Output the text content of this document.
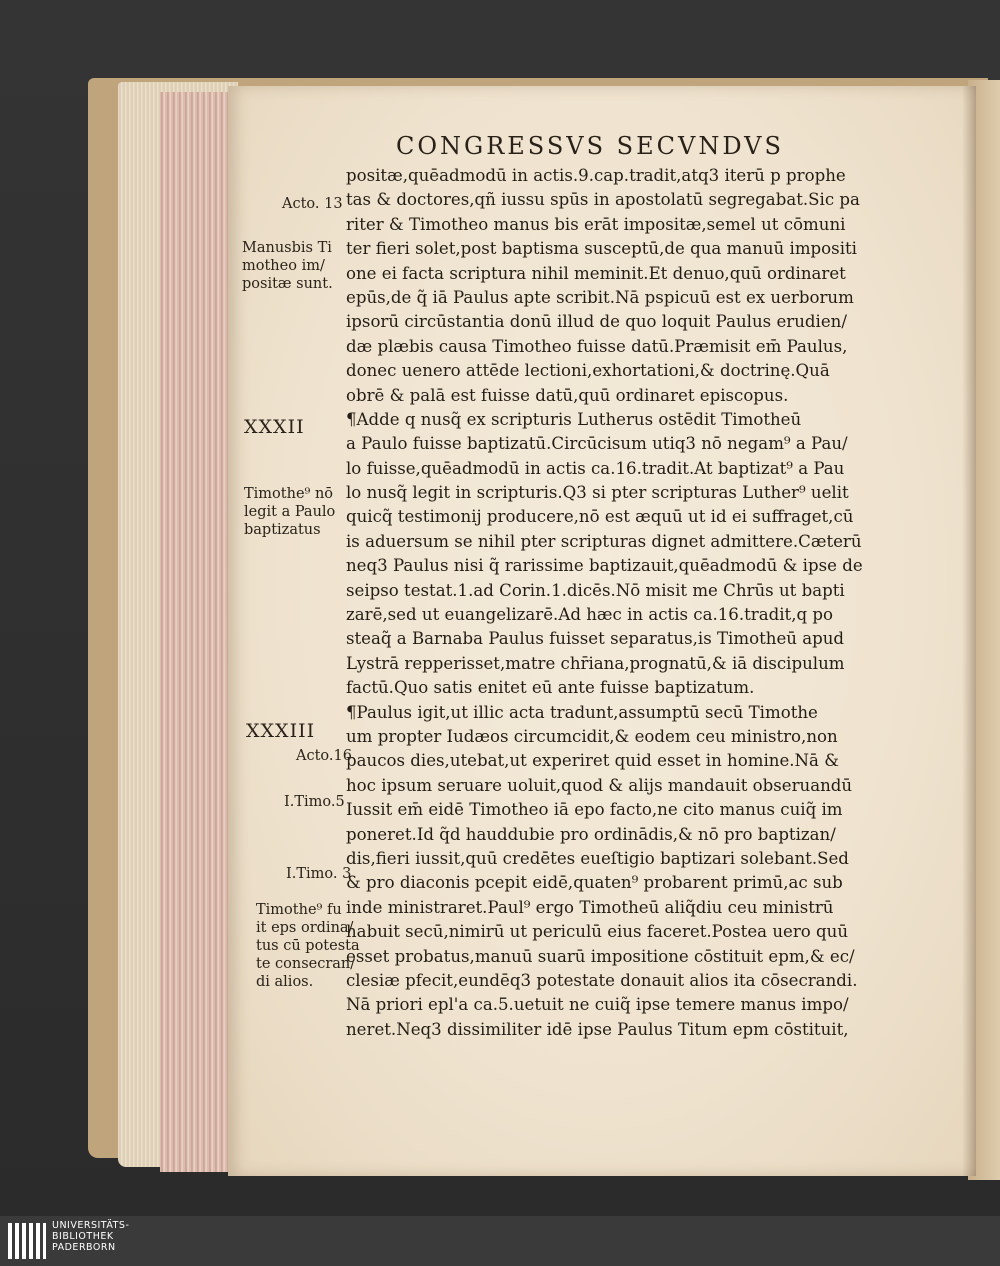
CONGRESSVS SECVNDVS
positæ,quēadmodū in actis.9.cap.tradit,atq3 iterū p prophe
tas & doctores,qñ iussu spūs in apostolatū segregabat.Sic pa
riter & Timotheo manus bis erāt impositæ,semel ut cōmuni
ter fieri solet,post baptisma susceptū,de qua manuū impositi
one ei facta scriptura nihil meminit.Et denuo,quū ordinaret
epūs,de q̃ iā Paulus apte scribit.Nā pspicuū est ex uerborum
ipsorū circūstantia donū illud de quo loquit Paulus erudien/
dæ plæbis causa Timotheo fuisse datū.Præmisit em̄ Paulus,
donec uenero attēde lectioni,exhortationi,& doctrinę.Quā
obrē & palā est fuisse datū,quū ordinaret episcopus.
¶Adde q nusq̃ ex scripturis Lutherus ostēdit Timotheū
a Paulo fuisse baptizatū.Circūcisum utiq3 nō negam⁹ a Pau/
lo fuisse,quēadmodū in actis ca.16.tradit.At baptizat⁹ a Pau
lo nusq̃ legit in scripturis.Q3 si pter scripturas Luther⁹ uelit
quicq̃ testimonij producere,nō est æquū ut id ei suffraget,cū
is aduersum se nihil pter scripturas dignet admittere.Cæterū
neq3 Paulus nisi q̃ rarissime baptizauit,quēadmodū & ipse de
seipso testat.1.ad Corin.1.dicēs.Nō misit me Chrūs ut bapti
zarē,sed ut euangelizarē.Ad hæc in actis ca.16.tradit,q po
steaq̃ a Barnaba Paulus fuisset separatus,is Timotheū apud
Lystrā repperisset,matre chr̄iana,prognatū,& iā discipulum
factū.Quo satis enitet eū ante fuisse baptizatum.
¶Paulus igit,ut illic acta tradunt,assumptū secū Timothe
um propter Iudæos circumcidit,& eodem ceu ministro,non
paucos dies,utebat,ut experiret quid esset in homine.Nā &
hoc ipsum seruare uoluit,quod & alijs mandauit obseruandū
Iussit em̄ eidē Timotheo iā epo facto,ne cito manus cuiq̃ im
poneret.Id q̃d hauddubie pro ordinādis,& nō pro baptizan/
dis,fieri iussit,quū credētes eueſtigio baptizari solebant.Sed
& pro diaconis pcepit eidē,quaten⁹ probarent primū,ac sub
inde ministraret.Paul⁹ ergo Timotheū aliq̃diu ceu ministrū
habuit secū,nimirū ut periculū eius faceret.Postea uero quū
esset probatus,manuū suarū impositione cōstituit epm,& ec/
clesiæ pfecit,eundēq3 potestate donauit alios ita cōsecrandi.
Nā priori epl'a ca.5.uetuit ne cuiq̃ ipse temere manus impo/
neret.Neq3 dissimiliter idē ipse Paulus Titum epm cōstituit,
Acto. 13
Manusbis Ti
motheo im/
positæ sunt.
XXXII
Timothe⁹ nō
legit a Paulo
baptizatus
XXXIII
Acto.16
I.Timo.5
I.Timo. 3
Timothe⁹ fu
it eps ordina/
tus cū potesta
te consecran/
di alios.
UNIVERSITÄTS-
BIBLIOTHEK
PADERBORN
